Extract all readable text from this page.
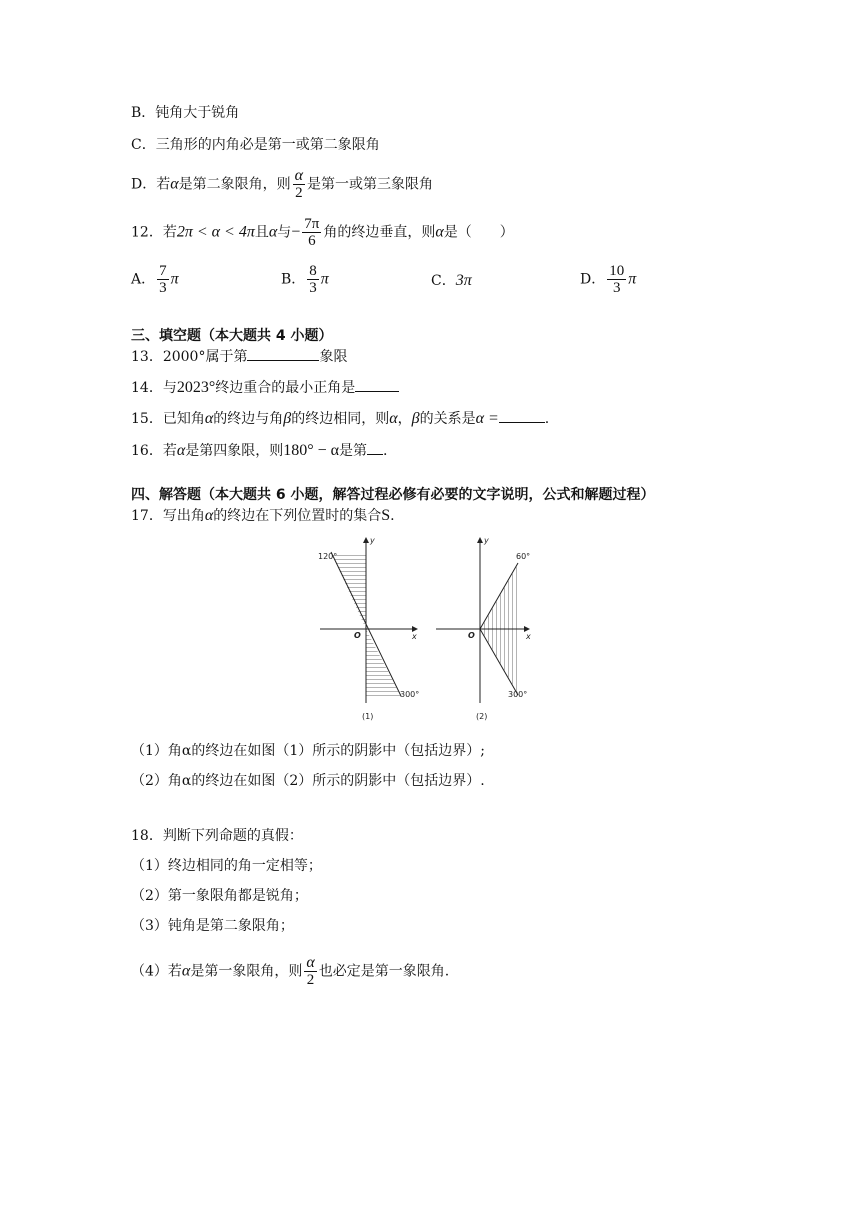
B．钝角大于锐角
C．三角形的内角必是第一或第二象限角
D．若α是第二象限角，则 $\frac{\alpha}{2}$ 是第一或第三象限角
12．若2π < α < 4π且α与− $\frac{7\pi}{6}$ 角的终边垂直，则α是（　　）
A． $\frac{7}{3}$ π	B． $\frac{8}{3}$ π	C．3π	D． $\frac{10}{3}$ π
三、填空题（本大题共 4 小题）
13．2000°属于第	象限
14．与2023°终边重合的最小正角是
15．已知角α的终边与角β的终边相同，则α，β的关系是α =	.
16．若α是第四象限，则180° − α是第 .
四、解答题（本大题共 6 小题，解答过程必修有必要的文字说明，公式和解题过程）
17．写出角α的终边在下列位置时的集合S.
120°
300°
O	x
y
(1)
60°
300°
O	x
y
(2)
（1）角α的终边在如图（1）所示的阴影中（包括边界）;
（2）角α的终边在如图（2）所示的阴影中（包括边界）.
18．判断下列命题的真假：
（1）终边相同的角一定相等；
（2）第一象限角都是锐角；
（3）钝角是第二象限角；
（4）若α是第一象限角，则 $\frac{\alpha}{2}$ 也必定是第一象限角.
